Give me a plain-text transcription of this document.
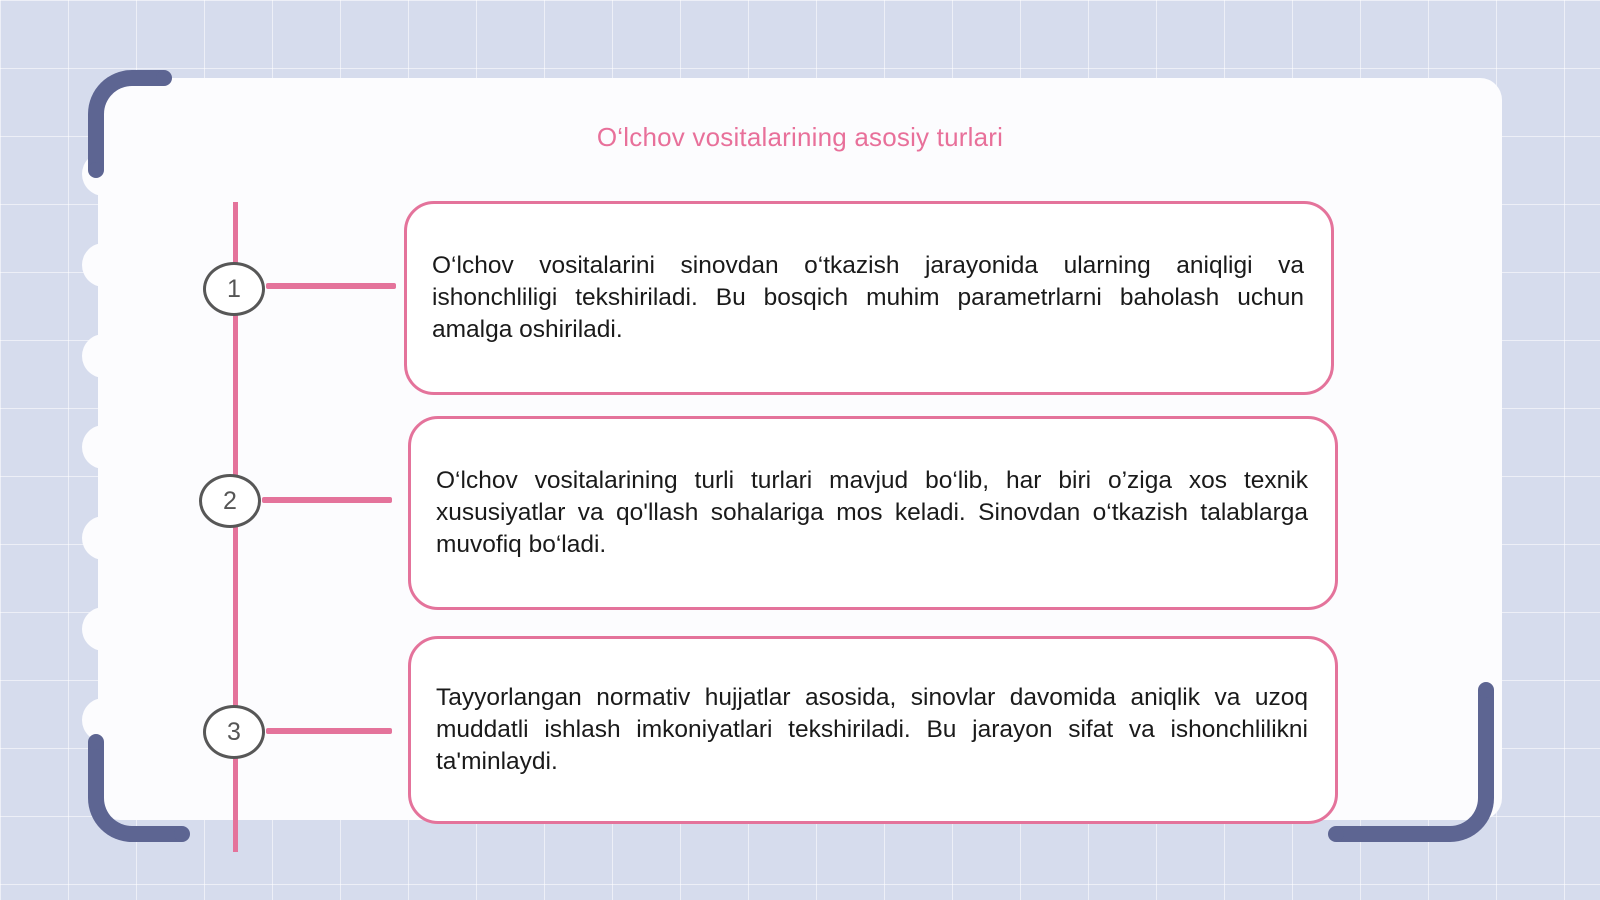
O‘lchov vositalarining asosiy turlari
1

O‘lchov vositalarini sinovdan o‘tkazish jarayonida ularning aniqligi va ishonchliligi tekshiriladi. Bu bosqich muhim parametrlarni baholash uchun amalga oshiriladi.

2

O‘lchov vositalarining turli turlari mavjud bo‘lib, har biri o’ziga xos texnik xususiyatlar va qo'llash sohalariga mos keladi. Sinovdan o‘tkazish talablarga muvofiq bo‘ladi.

3

Tayyorlangan normativ hujjatlar asosida, sinovlar davomida aniqlik va uzoq muddatli ishlash imkoniyatlari tekshiriladi. Bu jarayon sifat va ishonchlilikni ta'minlaydi.
